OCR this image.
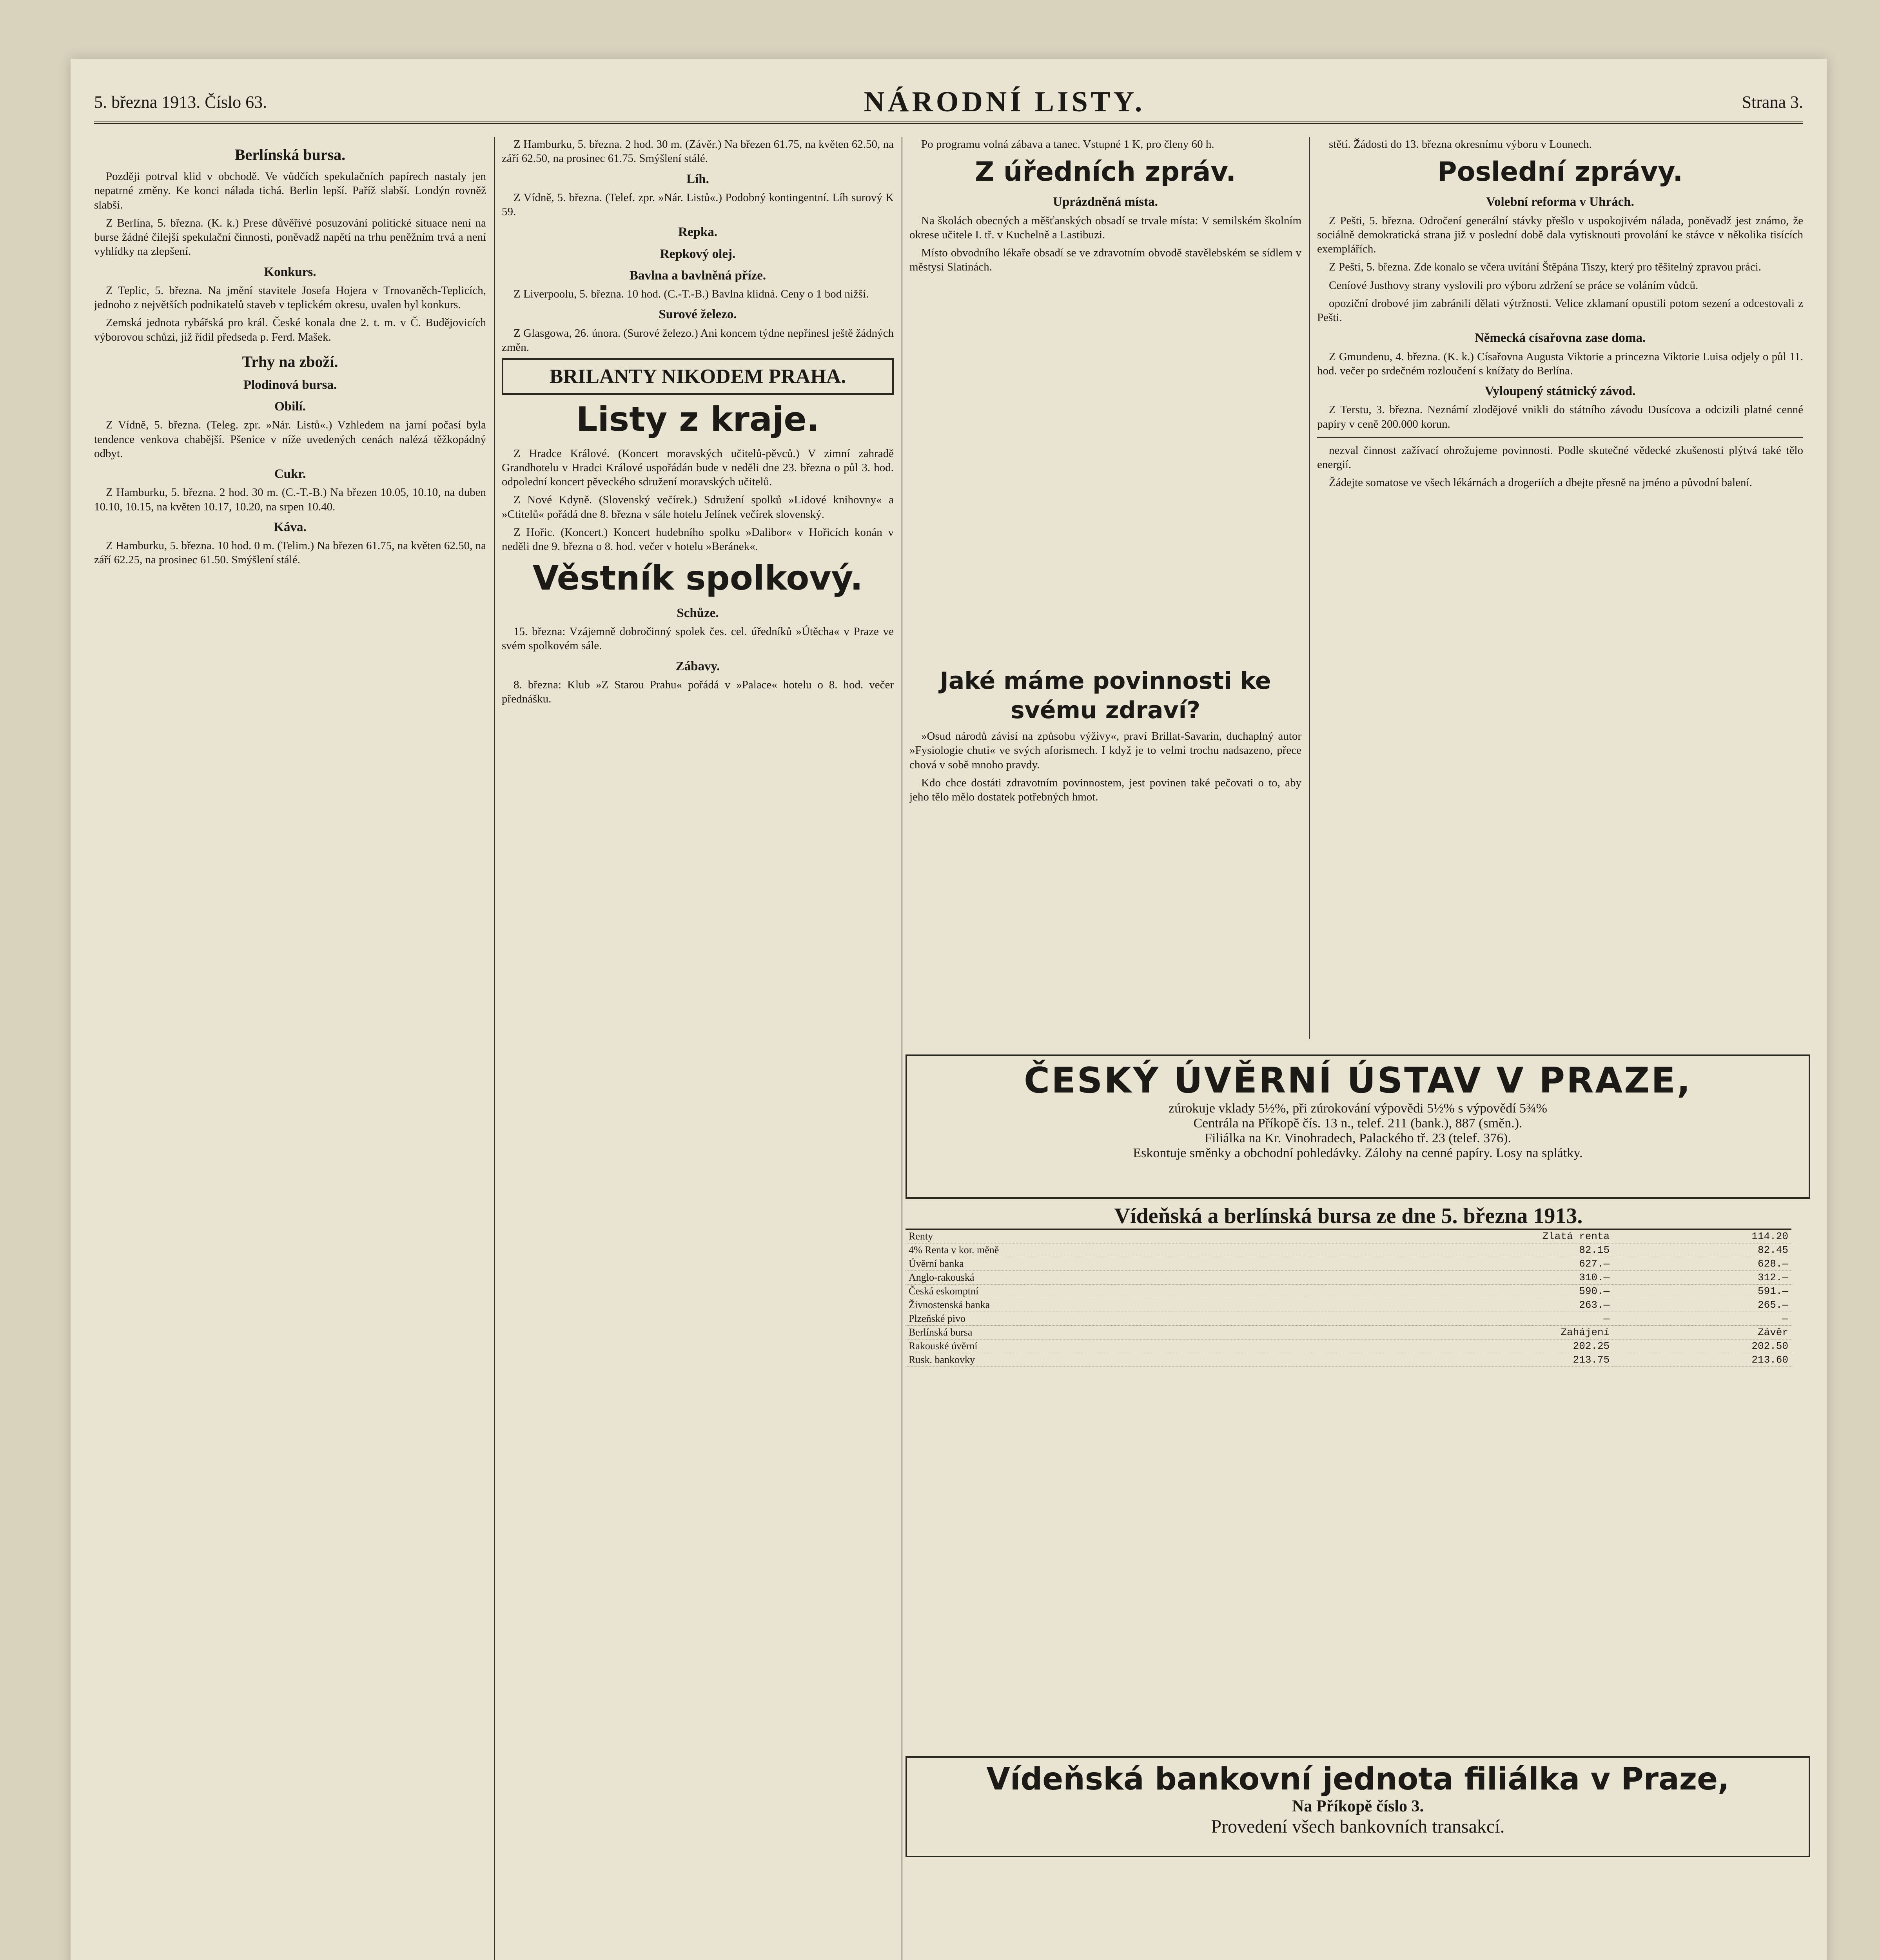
5. března 1913. Číslo 63.	NÁRODNÍ LISTY.	Strana 3.
Berlínská bursa.

Později potrval klid v obchodě. Ve vůdčích spekulačních papírech nastaly jen nepatrné změny. Ke konci nálada tichá. Berlin lepší. Paříž slabší. Londýn rovněž slabší.

Z Berlína, 5. března. (K. k.) Prese důvěřivé posuzování politické situace není na burse žádné čilejší spekulační činnosti, poněvadž napětí na trhu peněžním trvá a není vyhlídky na zlepšení.

Konkurs.

Z Teplic, 5. března. Na jmění stavitele Josefa Hojera v Trnovaněch-Teplicích, jednoho z největších podnikatelů staveb v teplickém okresu, uvalen byl konkurs.

Zemská jednota rybářská pro král. České konala dne 2. t. m. v Č. Budějovicích výborovou schůzi, již řídil předseda p. Ferd. Mašek.

Trhy na zboží.
Plodinová bursa.
Obilí.

Z Vídně, 5. března. (Teleg. zpr. »Nár. Listů«.) Vzhledem na jarní počasí byla tendence venkova chabější. Pšenice v níže uvedených cenách nalézá těžkopádný odbyt.

Cukr.

Z Hamburku, 5. března. 2 hod. 30 m. (C.-T.-B.) Na březen 10.05, 10.10, na duben 10.10, 10.15, na květen 10.17, 10.20, na srpen 10.40.

Káva.

Z Hamburku, 5. března. 10 hod. 0 m. (Telim.) Na březen 61.75, na květen 62.50, na září 62.25, na prosinec 61.50. Smýšlení stálé.

Z Hamburku, 5. března. 2 hod. 30 m. (Závěr.) Na březen 61.75, na květen 62.50, na září 62.50, na prosinec 61.75. Smýšlení stálé.

Líh.

Z Vídně, 5. března. (Telef. zpr. »Nár. Listů«.) Podobný kontingentní. Líh surový K 59.

Repka.
Repkový olej.
Bavlna a bavlněná příze.

Z Liverpoolu, 5. března. 10 hod. (C.-T.-B.) Bavlna klidná. Ceny o 1 bod nižší.

Surové železo.

Z Glasgowa, 26. února. (Surové železo.) Ani koncem týdne nepřinesl ještě žádných změn.

BRILANTY NIKODEM PRAHA.
Listy z kraje.

Z Hradce Králové. (Koncert moravských učitelů-pěvců.) V zimní zahradě Grandhotelu v Hradci Králové uspořádán bude v neděli dne 23. března o půl 3. hod. odpolední koncert pěveckého sdružení moravských učitelů.

Z Nové Kdyně. (Slovenský večírek.) Sdružení spolků »Lidové knihovny« a »Ctitelů« pořádá dne 8. března v sále hotelu Jelínek večírek slovenský.

Z Hořic. (Koncert.) Koncert hudebního spolku »Dalibor« v Hořicích konán v neděli dne 9. března o 8. hod. večer v hotelu »Beránek«.

Věstník spolkový.
Schůze.

15. března: Vzájemně dobročinný spolek čes. cel. úředníků »Útěcha« v Praze ve svém spolkovém sále.

Zábavy.

8. března: Klub »Z Starou Prahu« pořádá v »Palace« hotelu o 8. hod. večer přednášku.

Po programu volná zábava a tanec. Vstupné 1 K, pro členy 60 h.

Z úředních zpráv.
Uprázdněná místa.

Na školách obecných a měšťanských obsadí se trvale místa: V semilském školním okrese učitele I. tř. v Kuchelně a Lastibuzi.

Místo obvodního lékaře obsadí se ve zdravotním obvodě stavělebském se sídlem v městysi Slatinách.

Jaké máme povinnosti ke svému zdraví?

»Osud národů závisí na způsobu výživy«, praví Brillat-Savarin, duchaplný autor »Fysiologie chuti« ve svých aforismech. I když je to velmi trochu nadsazeno, přece chová v sobě mnoho pravdy.

Kdo chce dostáti zdravotním povinnostem, jest povinen také pečovati o to, aby jeho tělo mělo dostatek potřebných hmot.

stětí. Žádosti do 13. března okresnímu výboru v Lounech.

Poslední zprávy.
Volební reforma v Uhrách.

Z Pešti, 5. března. Odročení generální stávky přešlo v uspokojivém nálada, poněvadž jest známo, že sociálně demokratická strana již v poslední době dala vytisknouti provolání ke stávce v několika tisících exemplářích.

Z Pešti, 5. března. Zde konalo se včera uvítání Štěpána Tiszy, který pro těšitelný zpravou práci.

Ceníové Justhovy strany vyslovili pro výboru zdržení se práce se voláním vůdců.

opoziční drobové jim zabránili dělati výtržnosti. Velice zklamaní opustili potom sezení a odcestovali z Pešti.

Německá císařovna zase doma.

Z Gmundenu, 4. března. (K. k.) Císařovna Augusta Viktorie a princezna Viktorie Luisa odjely o půl 11. hod. večer po srdečném rozloučení s knížaty do Berlína.

Vyloupený státnický závod.

Z Terstu, 3. března. Neznámí zlodějové vnikli do státního závodu Dusícova a odcizili platné cenné papíry v ceně 200.000 korun.

nezval činnost zažívací ohrožujeme povinnosti. Podle skutečné vědecké zkušenosti plýtvá také tělo energií.

Žádejte somatose ve všech lékárnách a drogeriích a dbejte přesně na jméno a původní balení.

ČESKÝ ÚVĚRNÍ ÚSTAV V PRAZE,
zúrokuje vklady 5½%, při zúrokování výpovědi 5½% s výpovědí 5¾%
Centrála na Příkopě čís. 13 n., telef. 211 (bank.), 887 (směn.).
Filiálka na Kr. Vinohradech, Palackého tř. 23 (telef. 376).
Eskontuje směnky a obchodní pohledávky. Zálohy na cenné papíry. Losy na splátky.
Vídeňská a berlínská bursa ze dne 5. března 1913.
Renty	Zlatá renta	114.20
4% Renta v kor. měně	82.15	82.45
Úvěrní banka	627.—	628.—
Anglo-rakouská	310.—	312.—
Česká eskomptní	590.—	591.—
Živnostenská banka	263.—	265.—
Plzeňské pivo	—	—
Berlínská bursa	Zahájení	Závěr
Rakouské úvěrní	202.25	202.50
Rusk. bankovky	213.75	213.60
Vídeňská bankovní jednota filiálka v Praze,
Na Příkopě číslo 3.
Provedení všech bankovních transakcí.
